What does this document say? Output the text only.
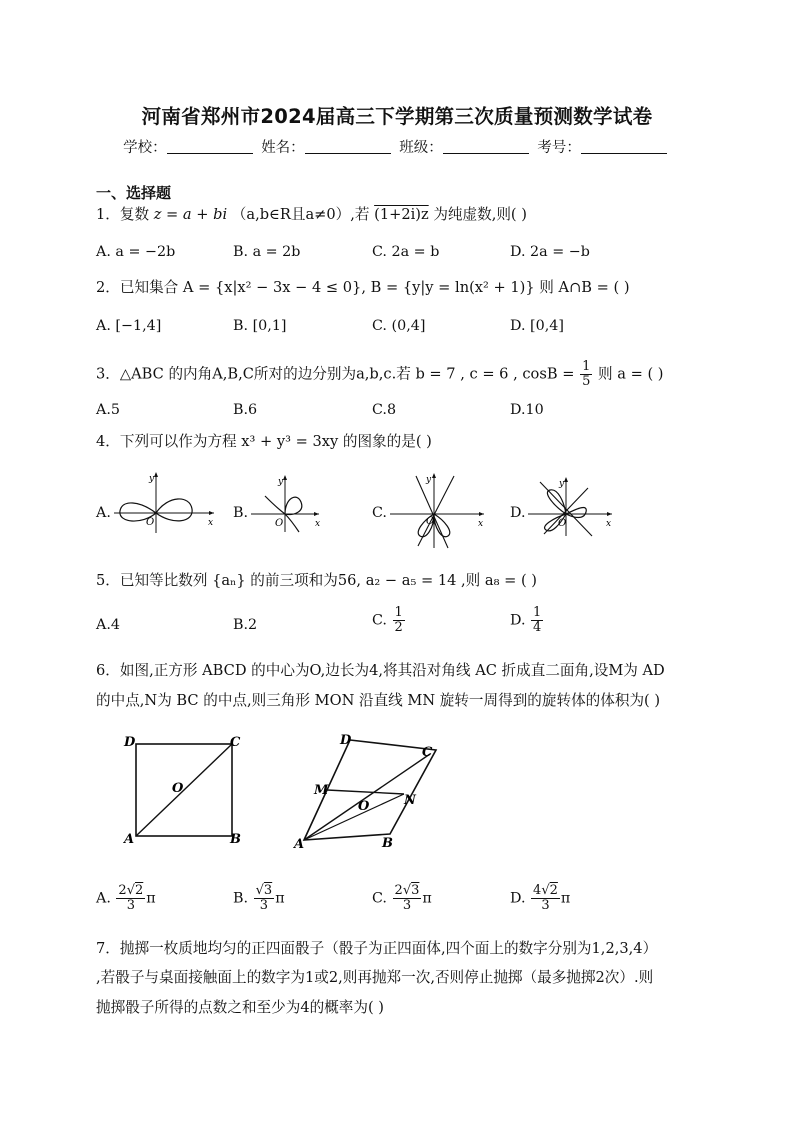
河南省郑州市2024届高三下学期第三次质量预测数学试卷
学校：	姓名：	班级：	考号：
一、选择题
1．复数 z = a + bi （a,b∈R且a≠0）,若 (1+2i)z 为纯虚数,则( )
A. a = −2b	B. a = 2b	C. 2a = b	D. 2a = −b
2．已知集合 A = {x|x² − 3x − 4 ≤ 0}, B = {y|y = ln(x² + 1)} 则 A∩B = ( )
A. [−1,4]	B. [0,1]	C. (0,4]	D. [0,4]
3．△ABC 的内角A,B,C所对的边分别为a,b,c.若 b = 7 , c = 6 , $\cos B = \frac{1}{5}$ 则 a = ( )
A.5	B.6	C.8	D.10
4．下列可以作为方程 x³ + y³ = 3xy 的图象的是( )
A.
y
x
O
B.
y
x
O
C.
y
x
O
D.
y
x
O
5．已知等比数列 {aₙ} 的前三项和为56, a₂ − a₅ = 14 ,则 a₈ = ( )
A.4	B.2	C. $\frac{1}{2}$	D. $\frac{1}{4}$
6．如图,正方形 ABCD 的中心为O,边长为4,将其沿对角线 AC 折成直二面角,设M为 AD
的中点,N为 BC 的中点,则三角形 MON 沿直线 MN 旋转一周得到的旋转体的体积为( )
D	C
O
A	B
D
C
O
A	B
M
N
A. $\frac{2√2}{3}$ π	B. $\frac{√3}{3}$ π	C. $\frac{2√3}{3}$ π	D. $\frac{4√2}{3}$ π
7．抛掷一枚质地均匀的正四面骰子（骰子为正四面体,四个面上的数字分别为1,2,3,4）
,若骰子与桌面接触面上的数字为1或2,则再抛郑一次,否则停止抛掷（最多抛掷2次）.则
抛掷骰子所得的点数之和至少为4的概率为( )
